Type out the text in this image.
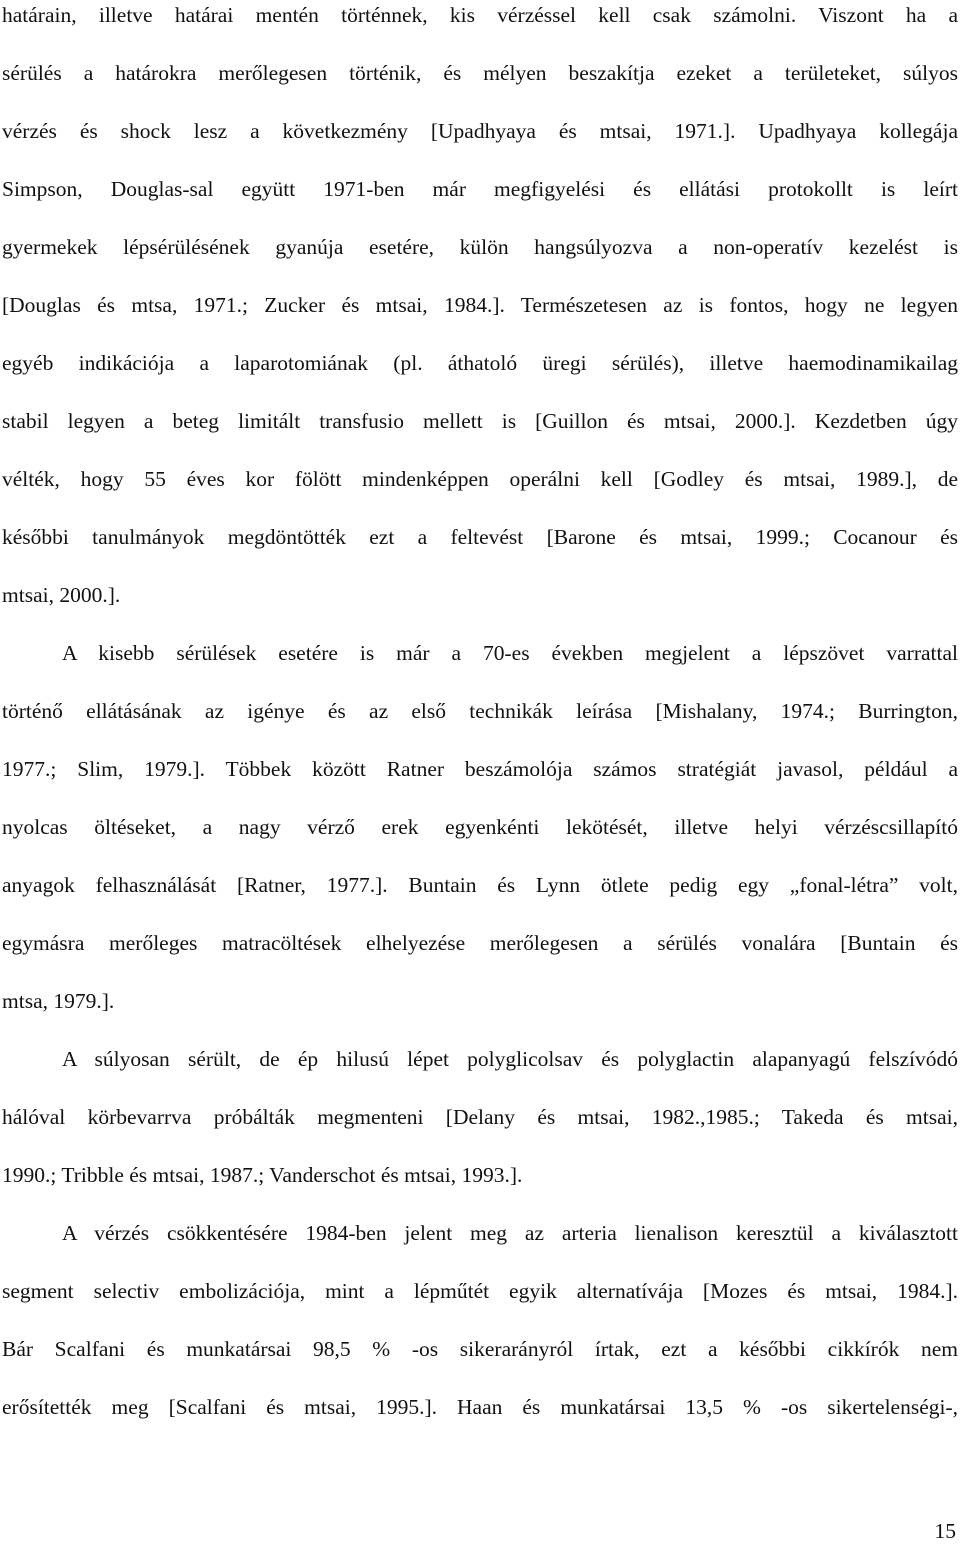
határain, illetve határai mentén történnek, kis vérzéssel kell csak számolni. Viszont ha a
sérülés a határokra merőlegesen történik, és mélyen beszakítja ezeket a területeket, súlyos
vérzés és shock lesz a következmény [Upadhyaya és mtsai, 1971.]. Upadhyaya kollegája
Simpson, Douglas-sal együtt 1971-ben már megfigyelési és ellátási protokollt is leírt
gyermekek lépsérülésének gyanúja esetére, külön hangsúlyozva a non-operatív kezelést is
[Douglas és mtsa, 1971.; Zucker és mtsai, 1984.]. Természetesen az is fontos, hogy ne legyen
egyéb indikációja a laparotomiának (pl. áthatoló üregi sérülés), illetve haemodinamikailag
stabil legyen a beteg limitált transfusio mellett is [Guillon és mtsai, 2000.]. Kezdetben úgy
vélték, hogy 55 éves kor fölött mindenképpen operálni kell [Godley és mtsai, 1989.], de
későbbi tanulmányok megdöntötték ezt a feltevést [Barone és mtsai, 1999.; Cocanour és
mtsai, 2000.].
A kisebb sérülések esetére is már a 70-es években megjelent a lépszövet varrattal
történő ellátásának az igénye és az első technikák leírása [Mishalany, 1974.; Burrington,
1977.; Slim, 1979.]. Többek között Ratner beszámolója számos stratégiát javasol, például a
nyolcas öltéseket, a nagy vérző erek egyenkénti lekötését, illetve helyi vérzéscsillapító
anyagok felhasználását [Ratner, 1977.]. Buntain és Lynn ötlete pedig egy „fonal-létra” volt,
egymásra merőleges matracöltések elhelyezése merőlegesen a sérülés vonalára [Buntain és
mtsa, 1979.].
A súlyosan sérült, de ép hilusú lépet polyglicolsav és polyglactin alapanyagú felszívódó
hálóval körbevarrva próbálták megmenteni [Delany és mtsai, 1982.,1985.; Takeda és mtsai,
1990.; Tribble és mtsai, 1987.; Vanderschot és mtsai, 1993.].
A vérzés csökkentésére 1984-ben jelent meg az arteria lienalison keresztül a kiválasztott
segment selectiv embolizációja, mint a lépműtét egyik alternatívája [Mozes és mtsai, 1984.].
Bár Scalfani és munkatársai 98,5 % -os sikerarányról írtak, ezt a későbbi cikkírók nem
erősítették meg [Scalfani és mtsai, 1995.]. Haan és munkatársai 13,5 % -os sikertelenségi-,
15
